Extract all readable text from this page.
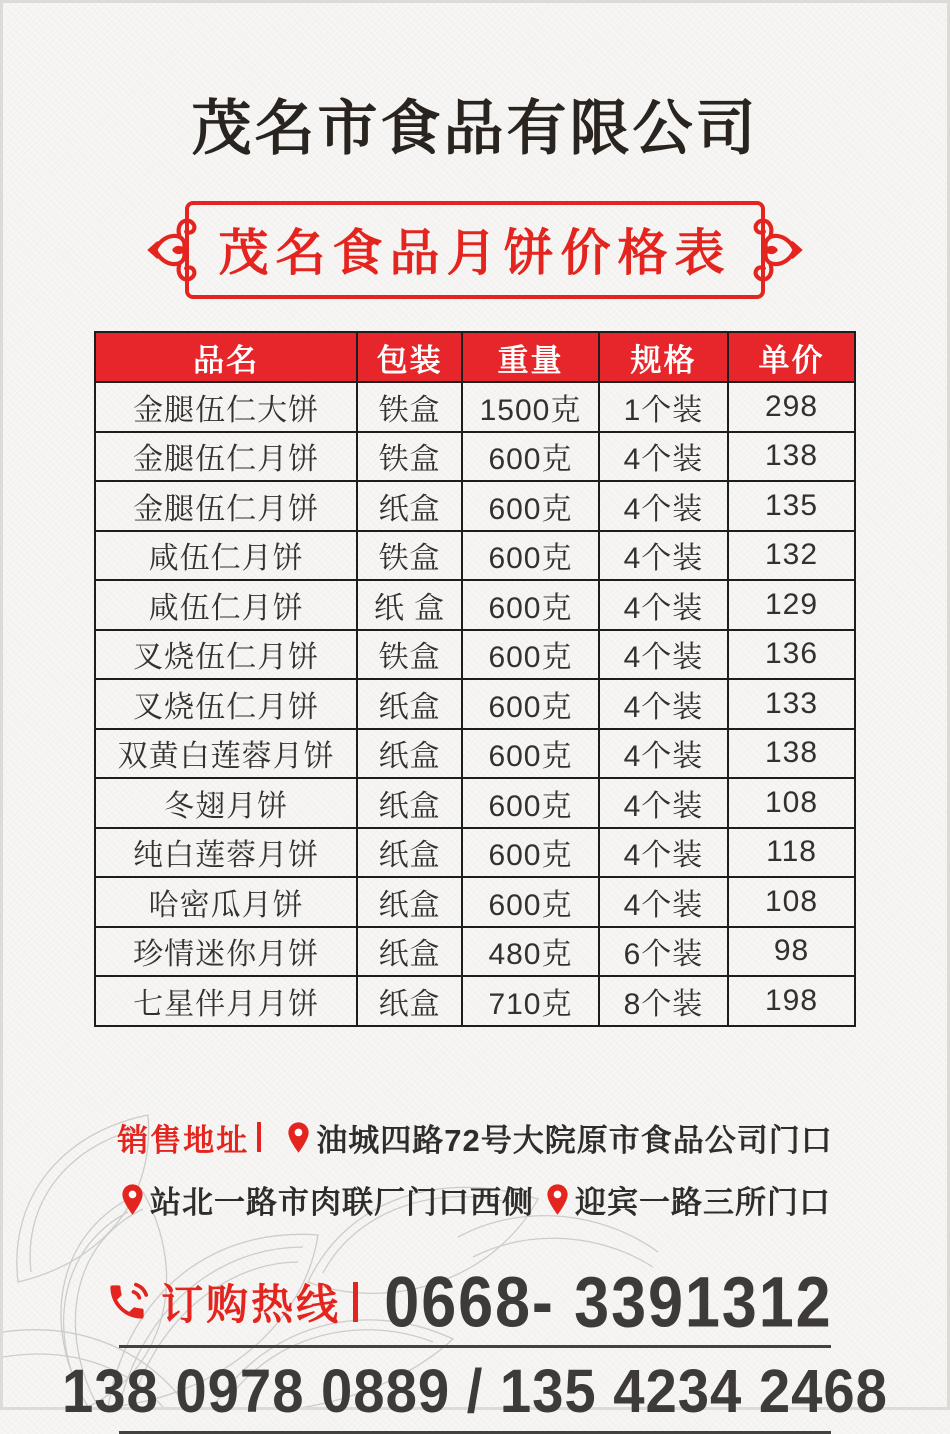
茂名市食品有限公司
茂名食品月饼价格表
品名	包装	重量	规格	单价
金腿伍仁大饼	铁盒	1500克	1个装	298
金腿伍仁月饼	铁盒	600克	4个装	138
金腿伍仁月饼	纸盒	600克	4个装	135
咸伍仁月饼	铁盒	600克	4个装	132
咸伍仁月饼	纸 盒	600克	4个装	129
叉烧伍仁月饼	铁盒	600克	4个装	136
叉烧伍仁月饼	纸盒	600克	4个装	133
双黄白莲蓉月饼	纸盒	600克	4个装	138
冬翅月饼	纸盒	600克	4个装	108
纯白莲蓉月饼	纸盒	600克	4个装	118
哈密瓜月饼	纸盒	600克	4个装	108
珍情迷你月饼	纸盒	480克	6个装	98
七星伴月月饼	纸盒	710克	8个装	198
销售地址 油城四路72号大院原市食品公司门口
站北一路市肉联厂门口西侧 迎宾一路三所门口
订购热线 0668- 3391312
138 0978 0889 / 135 4234 2468
